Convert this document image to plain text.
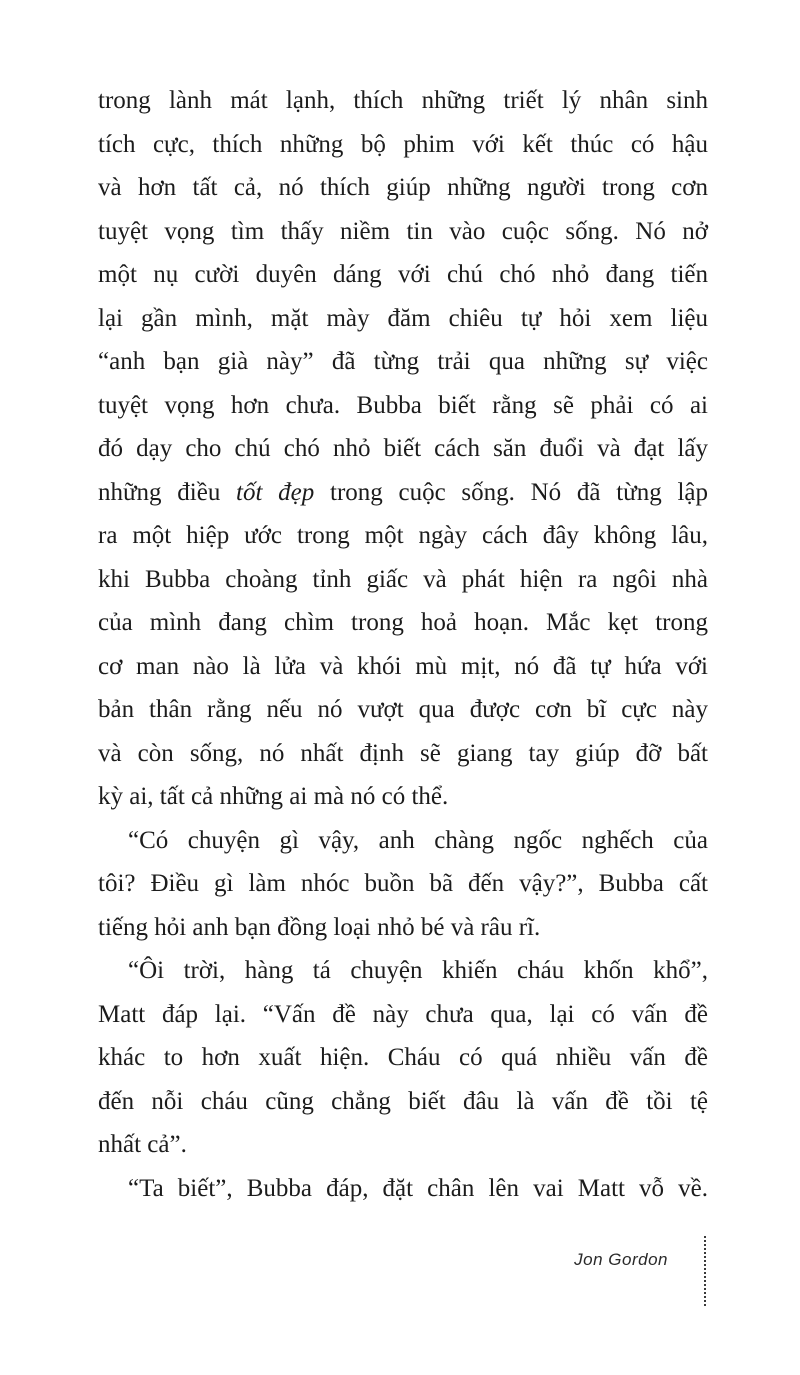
trong lành mát lạnh, thích những triết lý nhân sinh
tích cực, thích những bộ phim với kết thúc có hậu
và hơn tất cả, nó thích giúp những người trong cơn
tuyệt vọng tìm thấy niềm tin vào cuộc sống. Nó nở
một nụ cười duyên dáng với chú chó nhỏ đang tiến
lại gần mình, mặt mày đăm chiêu tự hỏi xem liệu
“anh bạn già này” đã từng trải qua những sự việc
tuyệt vọng hơn chưa. Bubba biết rằng sẽ phải có ai
đó dạy cho chú chó nhỏ biết cách săn đuổi và đạt lấy
những điều tốt đẹp trong cuộc sống. Nó đã từng lập
ra một hiệp ước trong một ngày cách đây không lâu,
khi Bubba choàng tỉnh giấc và phát hiện ra ngôi nhà
của mình đang chìm trong hoả hoạn. Mắc kẹt trong
cơ man nào là lửa và khói mù mịt, nó đã tự hứa với
bản thân rằng nếu nó vượt qua được cơn bĩ cực này
và còn sống, nó nhất định sẽ giang tay giúp đỡ bất
kỳ ai, tất cả những ai mà nó có thể.
“Có chuyện gì vậy, anh chàng ngốc nghếch của
tôi? Điều gì làm nhóc buồn bã đến vậy?”, Bubba cất
tiếng hỏi anh bạn đồng loại nhỏ bé và râu rĩ.
“Ôi trời, hàng tá chuyện khiến cháu khốn khổ”,
Matt đáp lại. “Vấn đề này chưa qua, lại có vấn đề
khác to hơn xuất hiện. Cháu có quá nhiều vấn đề
đến nỗi cháu cũng chẳng biết đâu là vấn đề tồi tệ
nhất cả”.
“Ta biết”, Bubba đáp, đặt chân lên vai Matt vỗ về.
Jon Gordon
